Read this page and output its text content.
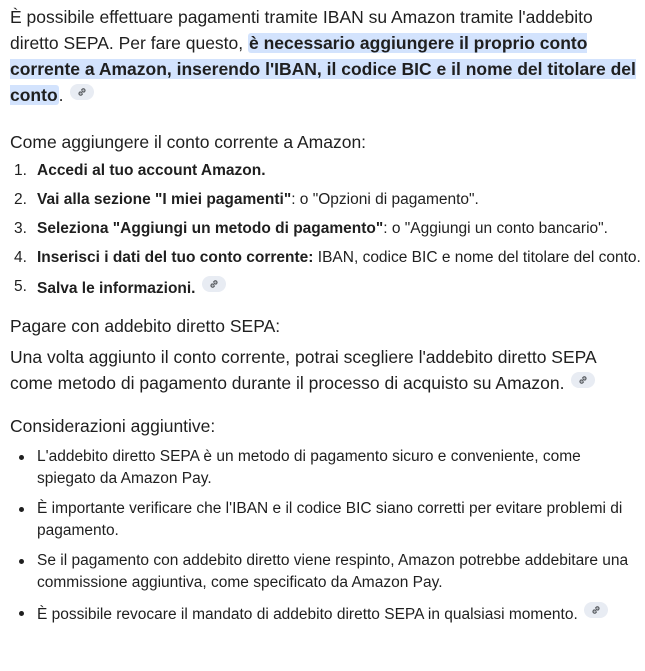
È possibile effettuare pagamenti tramite IBAN su Amazon tramite l'addebito diretto SEPA. Per fare questo, è necessario aggiungere il proprio conto corrente a Amazon, inserendo l'IBAN, il codice BIC e il nome del titolare del conto.

Come aggiungere il conto corrente a Amazon:
1. Accedi al tuo account Amazon.
2. Vai alla sezione "I miei pagamenti": o "Opzioni di pagamento".
3. Seleziona "Aggiungi un metodo di pagamento": o "Aggiungi un conto bancario".
4. Inserisci i dati del tuo conto corrente: IBAN, codice BIC e nome del titolare del conto.
5. Salva le informazioni.
Pagare con addebito diretto SEPA:

Una volta aggiunto il conto corrente, potrai scegliere l'addebito diretto SEPA come metodo di pagamento durante il processo di acquisto su Amazon.

Considerazioni aggiuntive:
L'addebito diretto SEPA è un metodo di pagamento sicuro e conveniente, come spiegato da Amazon Pay.
È importante verificare che l'IBAN e il codice BIC siano corretti per evitare problemi di pagamento.
Se il pagamento con addebito diretto viene respinto, Amazon potrebbe addebitare una commissione aggiuntiva, come specificato da Amazon Pay.
È possibile revocare il mandato di addebito diretto SEPA in qualsiasi momento.
